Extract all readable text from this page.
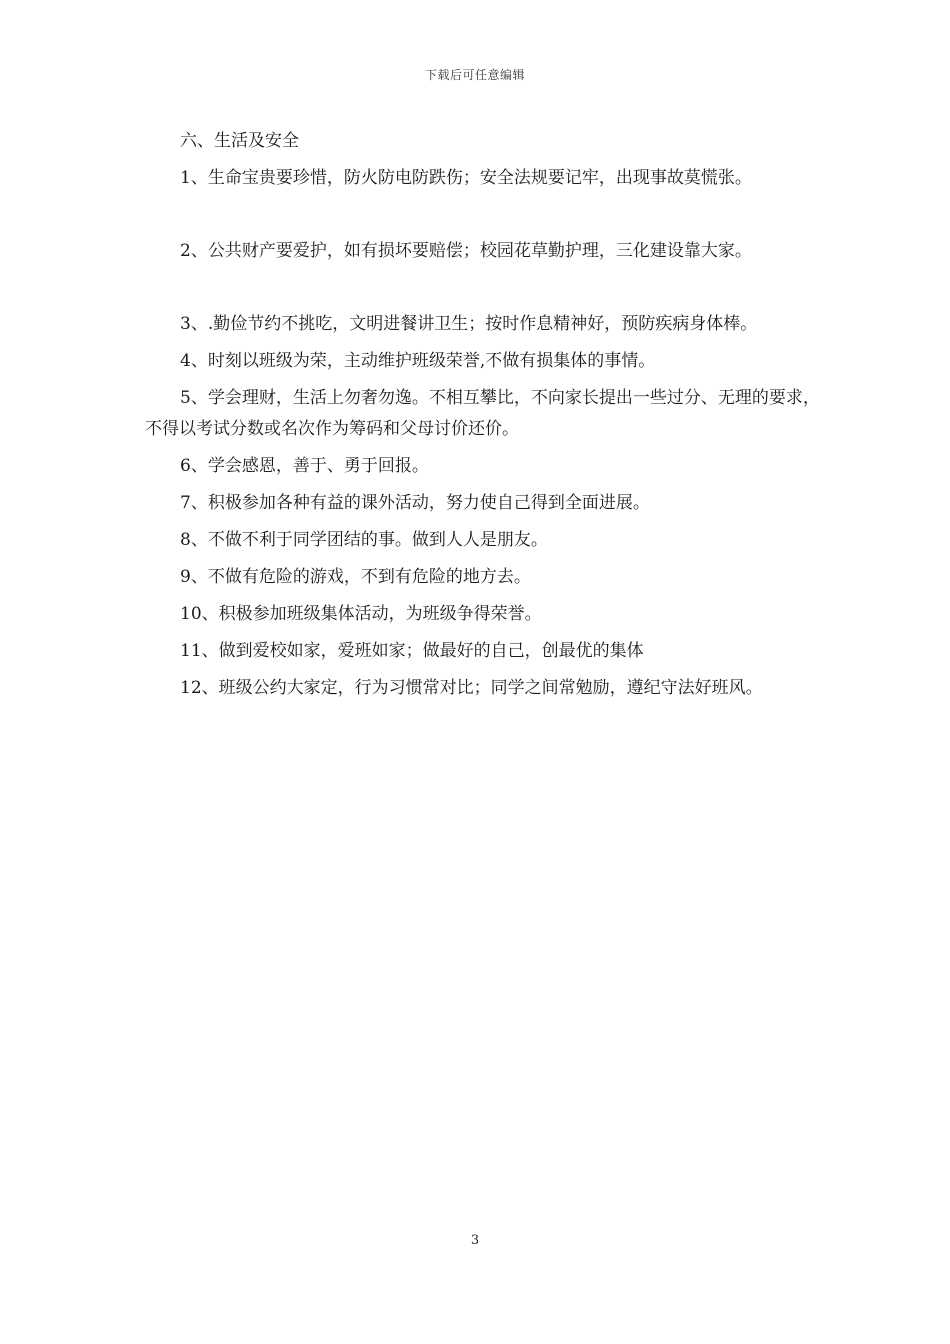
下载后可任意编辑

六、生活及安全

1、生命宝贵要珍惜，防火防电防跌伤；安全法规要记牢，出现事故莫慌张。

2、公共财产要爱护，如有损坏要赔偿；校园花草勤护理，三化建设靠大家。

3、.勤俭节约不挑吃，文明进餐讲卫生；按时作息精神好，预防疾病身体棒。

4、时刻以班级为荣，主动维护班级荣誉,不做有损集体的事情。

5、学会理财，生活上勿奢勿逸。不相互攀比，不向家长提出一些过分、无理的要求，不得以考试分数或名次作为筹码和父母讨价还价。

6、学会感恩，善于、勇于回报。

7、积极参加各种有益的课外活动，努力使自己得到全面进展。

8、不做不利于同学团结的事。做到人人是朋友。

9、不做有危险的游戏，不到有危险的地方去。

10、积极参加班级集体活动，为班级争得荣誉。

11、做到爱校如家，爱班如家；做最好的自己，创最优的集体

12、班级公约大家定，行为习惯常对比；同学之间常勉励，遵纪守法好班风。

3
